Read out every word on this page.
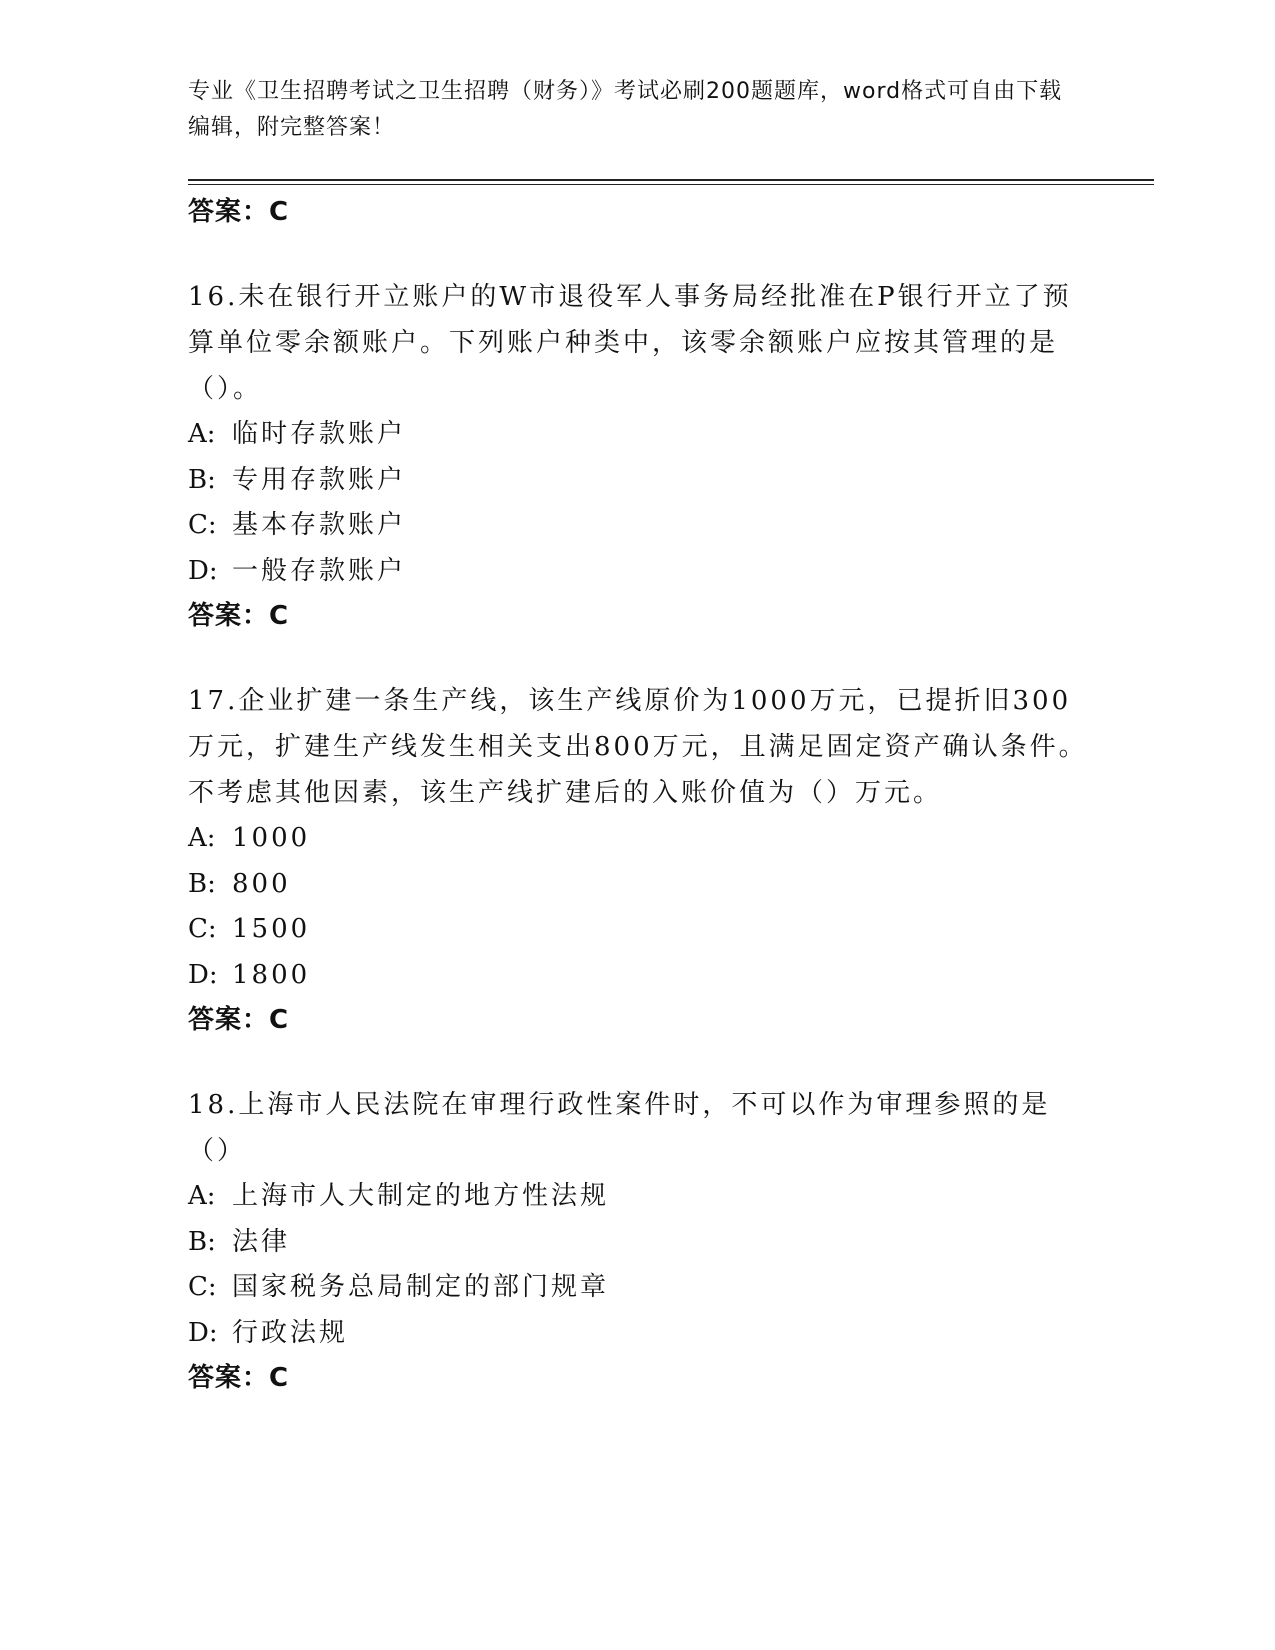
专业《卫生招聘考试之卫生招聘（财务）》考试必刷200题题库，word格式可自由下载编辑，附完整答案！
答案：C

16.未在银行开立账户的W市退役军人事务局经批准在P银行开立了预算单位零余额账户。下列账户种类中，该零余额账户应按其管理的是（）。

A: 临时存款账户

B: 专用存款账户

C: 基本存款账户

D: 一般存款账户

答案：C

17.企业扩建一条生产线，该生产线原价为1000万元，已提折旧300万元，扩建生产线发生相关支出800万元，且满足固定资产确认条件。不考虑其他因素，该生产线扩建后的入账价值为（）万元。

A: 1000

B: 800

C: 1500

D: 1800

答案：C

18.上海市人民法院在审理行政性案件时，不可以作为审理参照的是（）

A: 上海市人大制定的地方性法规

B: 法律

C: 国家税务总局制定的部门规章

D: 行政法规

答案：C
